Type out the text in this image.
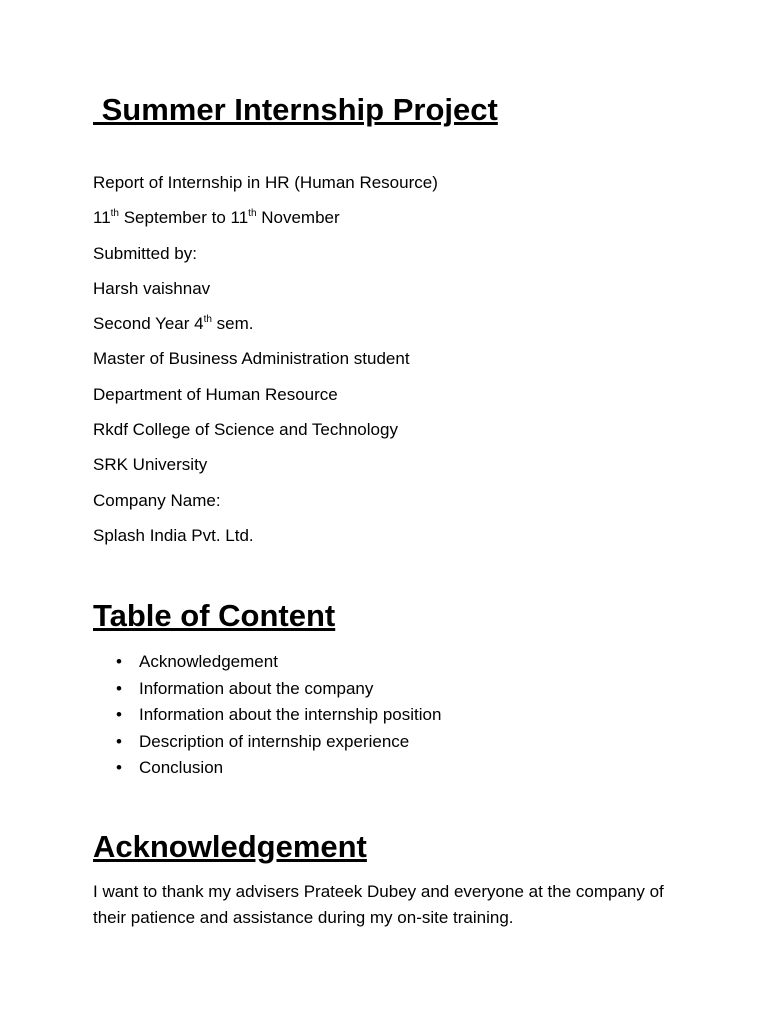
Summer Internship Project
Report of Internship in HR (Human Resource)
11th September to 11th November
Submitted by:
Harsh vaishnav
Second Year 4th sem.
Master of Business Administration student
Department of Human Resource
Rkdf College of Science and Technology
SRK University
Company Name:
Splash India Pvt. Ltd.
Table of Content
• Acknowledgement
• Information about the company
• Information about the internship position
• Description of internship experience
• Conclusion
Acknowledgement

I want to thank my advisers Prateek Dubey and everyone at the company of their patience and assistance during my on-site training.
